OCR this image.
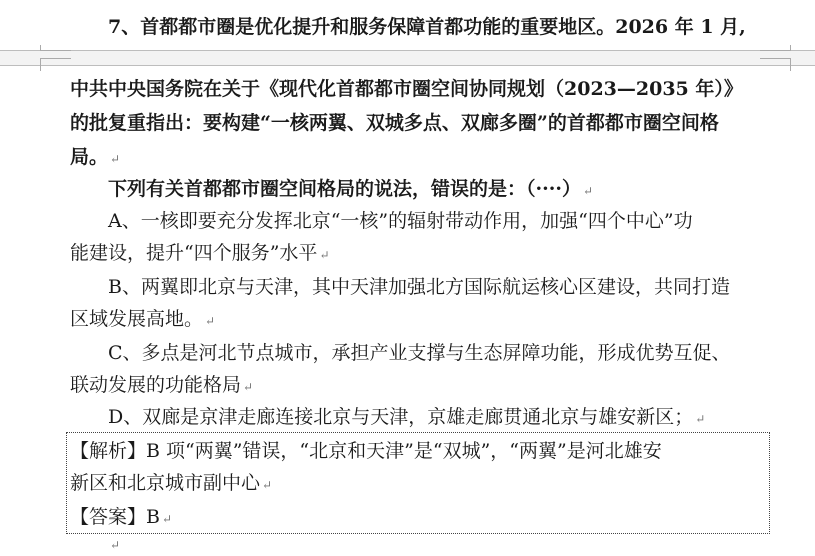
7、首都都市圈是优化提升和服务保障首都功能的重要地区。2026 年 1 月,
中共中央国务院在关于《现代化首都都市圈空间协同规划（2023—2035 年）》
的批复重指出：要构建“一核两翼、双城多点、双廊多圈”的首都都市圈空间格
局。 ↵
下列有关首都都市圈空间格局的说法，错误的是：（····） ↵
A、一核即要充分发挥北京“一核”的辐射带动作用，加强“四个中心”功
能建设，提升“四个服务”水平 ↵
B、两翼即北京与天津，其中天津加强北方国际航运核心区建设，共同打造
区域发展高地。 ↵
C、多点是河北节点城市，承担产业支撑与生态屏障功能，形成优势互促、
联动发展的功能格局 ↵
D、双廊是京津走廊连接北京与天津，京雄走廊贯通北京与雄安新区； ↵
【解析】B 项“两翼”错误，“北京和天津”是“双城”，“两翼”是河北雄安
新区和北京城市副中心 ↵
【答案】B ↵
↵
